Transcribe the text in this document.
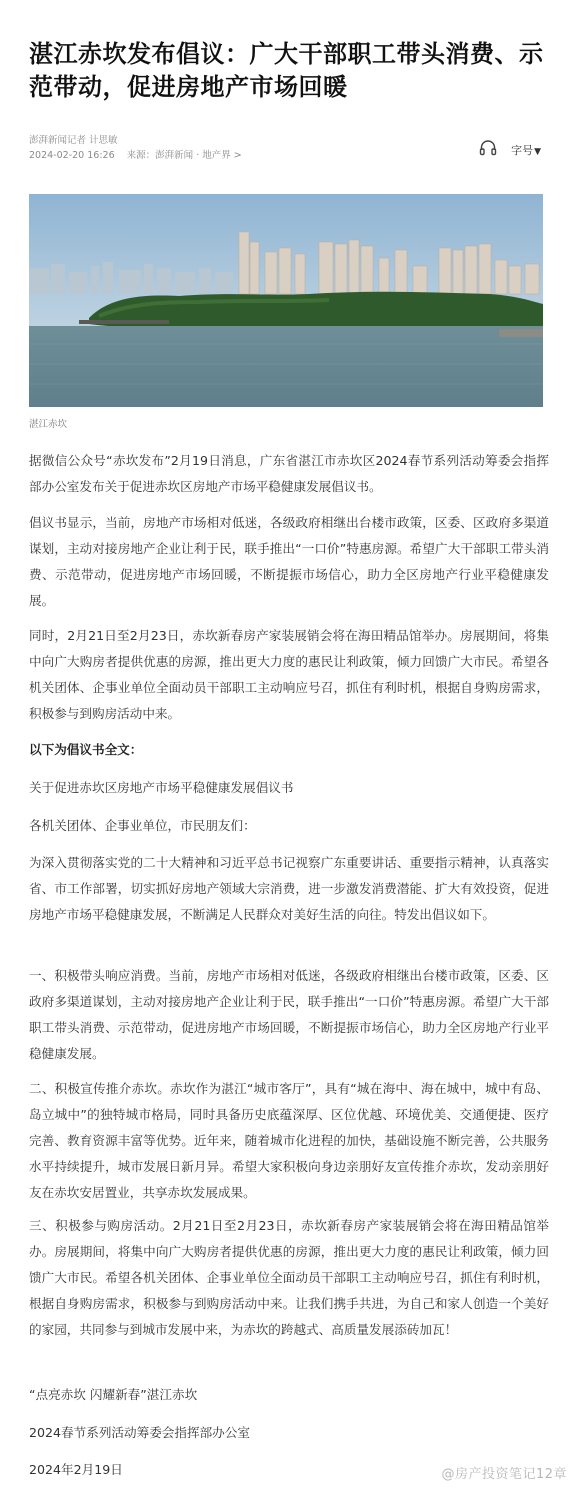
湛江赤坎发布倡议：广大干部职工带头消费、示范带动，促进房地产市场回暖
澎湃新闻记者 计思敏
2024-02-20 16:26 来源：澎湃新闻 · 地产界 >	字号▼
湛江赤坎

据微信公众号“赤坎发布”2月19日消息，广东省湛江市赤坎区2024春节系列活动筹委会指挥部办公室发布关于促进赤坎区房地产市场平稳健康发展倡议书。

倡议书显示，当前，房地产市场相对低迷，各级政府相继出台楼市政策，区委、区政府多渠道谋划，主动对接房地产企业让利于民，联手推出“一口价”特惠房源。希望广大干部职工带头消费、示范带动，促进房地产市场回暖，不断提振市场信心，助力全区房地产行业平稳健康发展。

同时，2月21日至2月23日，赤坎新春房产家装展销会将在海田精品馆举办。房展期间，将集中向广大购房者提供优惠的房源，推出更大力度的惠民让利政策，倾力回馈广大市民。希望各机关团体、企事业单位全面动员干部职工主动响应号召，抓住有利时机，根据自身购房需求，积极参与到购房活动中来。

以下为倡议书全文：

关于促进赤坎区房地产市场平稳健康发展倡议书

各机关团体、企事业单位，市民朋友们：

为深入贯彻落实党的二十大精神和习近平总书记视察广东重要讲话、重要指示精神，认真落实省、市工作部署，切实抓好房地产领域大宗消费，进一步激发消费潜能、扩大有效投资，促进房地产市场平稳健康发展，不断满足人民群众对美好生活的向往。特发出倡议如下。

一、积极带头响应消费。当前，房地产市场相对低迷，各级政府相继出台楼市政策，区委、区政府多渠道谋划，主动对接房地产企业让利于民，联手推出“一口价”特惠房源。希望广大干部职工带头消费、示范带动，促进房地产市场回暖，不断提振市场信心，助力全区房地产行业平稳健康发展。

二、积极宣传推介赤坎。赤坎作为湛江“城市客厅”，具有“城在海中、海在城中，城中有岛、岛立城中”的独特城市格局，同时具备历史底蕴深厚、区位优越、环境优美、交通便捷、医疗完善、教育资源丰富等优势。近年来，随着城市化进程的加快，基础设施不断完善，公共服务水平持续提升，城市发展日新月异。希望大家积极向身边亲朋好友宣传推介赤坎，发动亲朋好友在赤坎安居置业，共享赤坎发展成果。

三、积极参与购房活动。2月21日至2月23日，赤坎新春房产家装展销会将在海田精品馆举办。房展期间，将集中向广大购房者提供优惠的房源，推出更大力度的惠民让利政策，倾力回馈广大市民。希望各机关团体、企事业单位全面动员干部职工主动响应号召，抓住有利时机，根据自身购房需求，积极参与到购房活动中来。让我们携手共进，为自己和家人创造一个美好的家园，共同参与到城市发展中来，为赤坎的跨越式、高质量发展添砖加瓦！

“点亮赤坎 闪耀新春”湛江赤坎

2024春节系列活动筹委会指挥部办公室

2024年2月19日	@房产投资笔记12章
